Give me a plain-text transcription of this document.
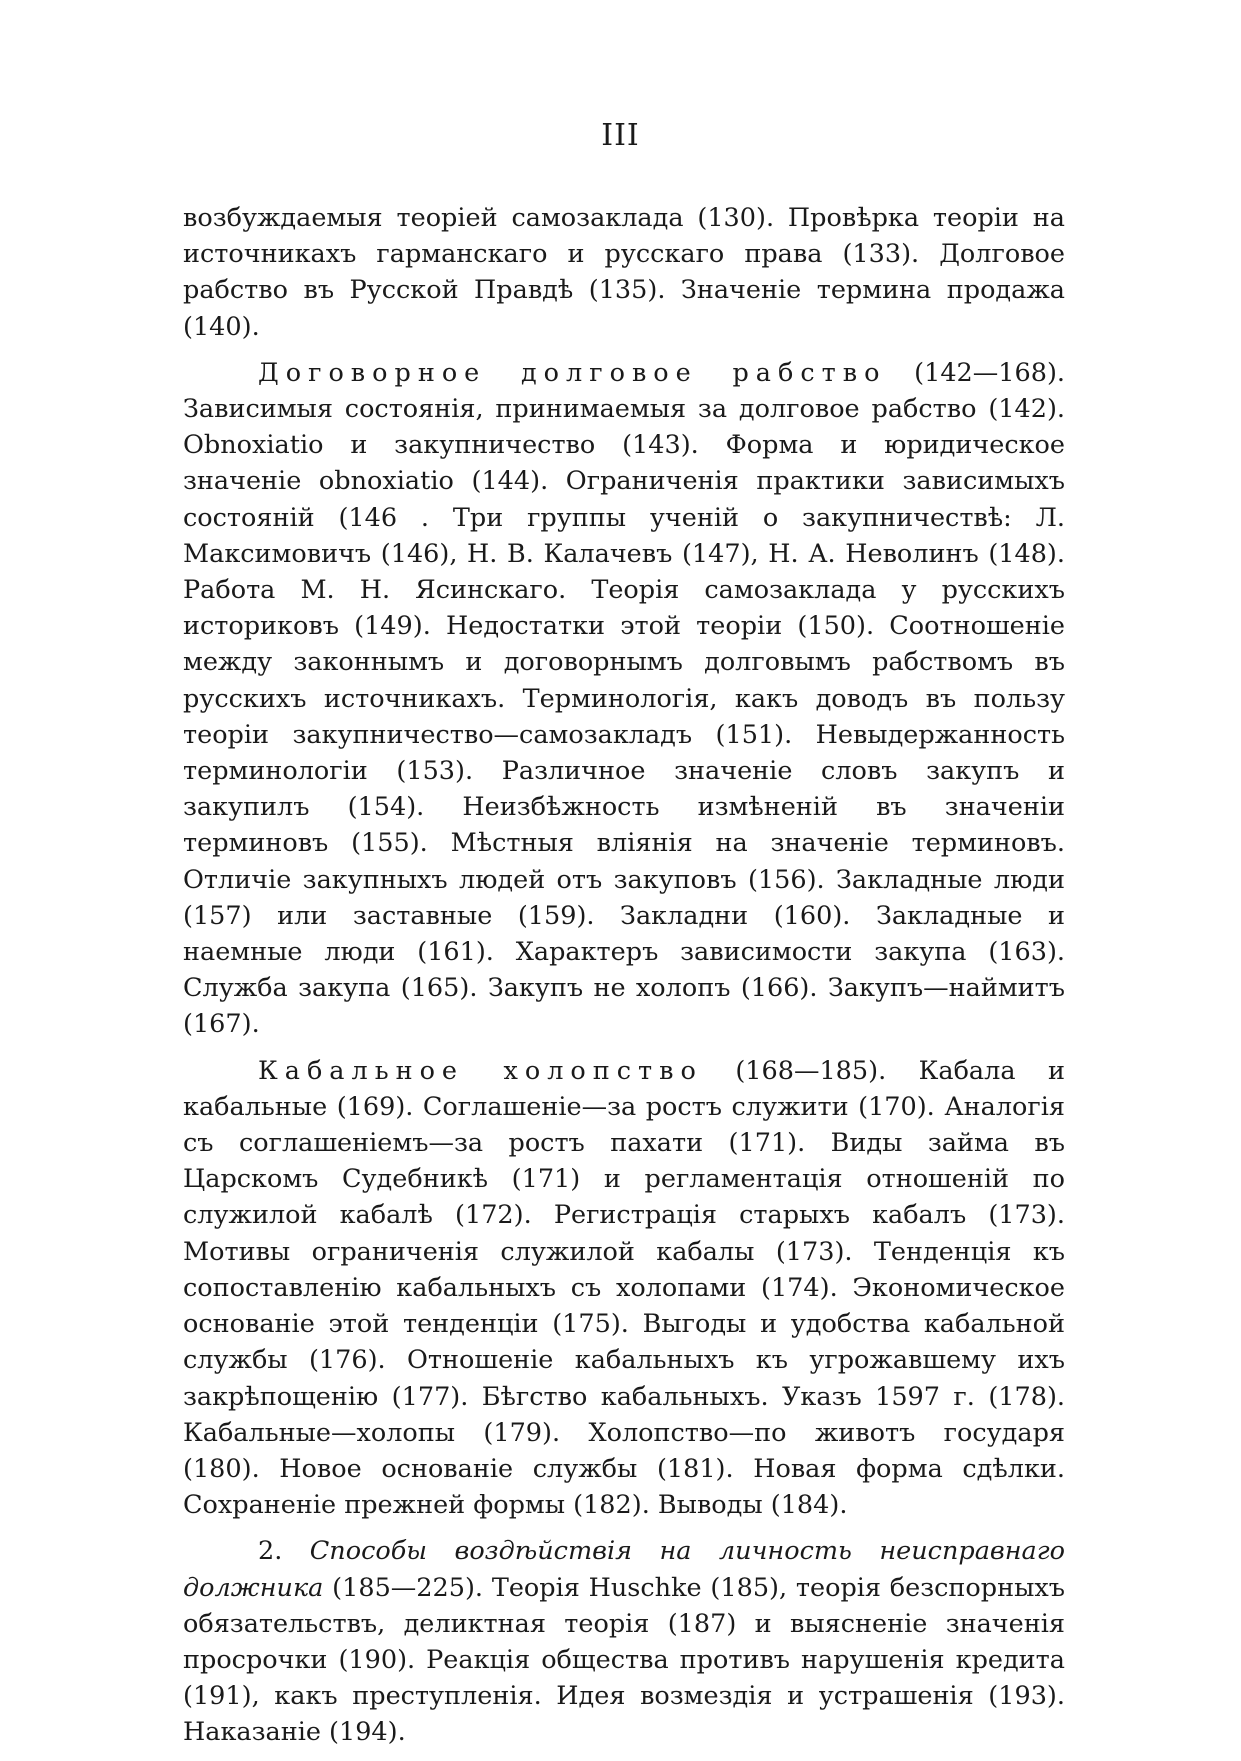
III

возбуждаемыя теоріей самозаклада (130). Провѣрка теоріи на источникахъ гарманскаго и русскаго права (133). Долговое рабство въ Русской Правдѣ (135). Значеніе термина продажа (140).

Договорное долговое рабство (142—168). Зависимыя состоянія, принимаемыя за долговое рабство (142). Obnoxiatio и закупничество (143). Форма и юридическое значеніе obnoxiatio (144). Ограниченія практики зависимыхъ состояній (146 . Три группы ученій о закупничествѣ: Л. Максимовичъ (146), Н. В. Калачевъ (147), Н. А. Неволинъ (148). Работа М. Н. Ясинскаго. Теорія самозаклада у русскихъ историковъ (149). Недостатки этой теоріи (150). Соотношеніе между законнымъ и договорнымъ долговымъ рабствомъ въ русскихъ источникахъ. Терминологія, какъ доводъ въ пользу теоріи закупничество—самозакладъ (151). Невыдержанность терминологіи (153). Различное значеніе словъ закупъ и закупилъ (154). Неизбѣжность измѣненій въ значеніи терминовъ (155). Мѣстныя вліянія на значеніе терминовъ. Отличіе закупныхъ людей отъ закуповъ (156). Закладные люди (157) или заставные (159). Закладни (160). Закладные и наемные люди (161). Характеръ зависимости закупа (163). Служба закупа (165). Закупъ не холопъ (166). Закупъ—наймитъ (167).

Кабальное холопство (168—185). Кабала и кабальные (169). Соглашеніе—за ростъ служити (170). Аналогія съ соглашеніемъ—за ростъ пахати (171). Виды займа въ Царскомъ Судебникѣ (171) и регламентація отношеній по служилой кабалѣ (172). Регистрація старыхъ кабалъ (173). Мотивы ограниченія служилой кабалы (173). Тенденція къ сопоставленію кабальныхъ съ холопами (174). Экономическое основаніе этой тенденціи (175). Выгоды и удобства кабальной службы (176). Отношеніе кабальныхъ къ угрожавшему ихъ закрѣпощенію (177). Бѣгство кабальныхъ. Указъ 1597 г. (178). Кабальные—холопы (179). Холопство—по животъ государя (180). Новое основаніе службы (181). Новая форма сдѣлки. Сохраненіе прежней формы (182). Выводы (184).

2. Способы воздѣйствія на личность неисправнаго должника (185—225). Теорія Huschke (185), теорія безспорныхъ обязательствъ, деликтная теорія (187) и выясненіе значенія просрочки (190). Реакція общества противъ нарушенія кредита (191), какъ преступленія. Идея возмездія и устрашенія (193). Наказаніе (194).
